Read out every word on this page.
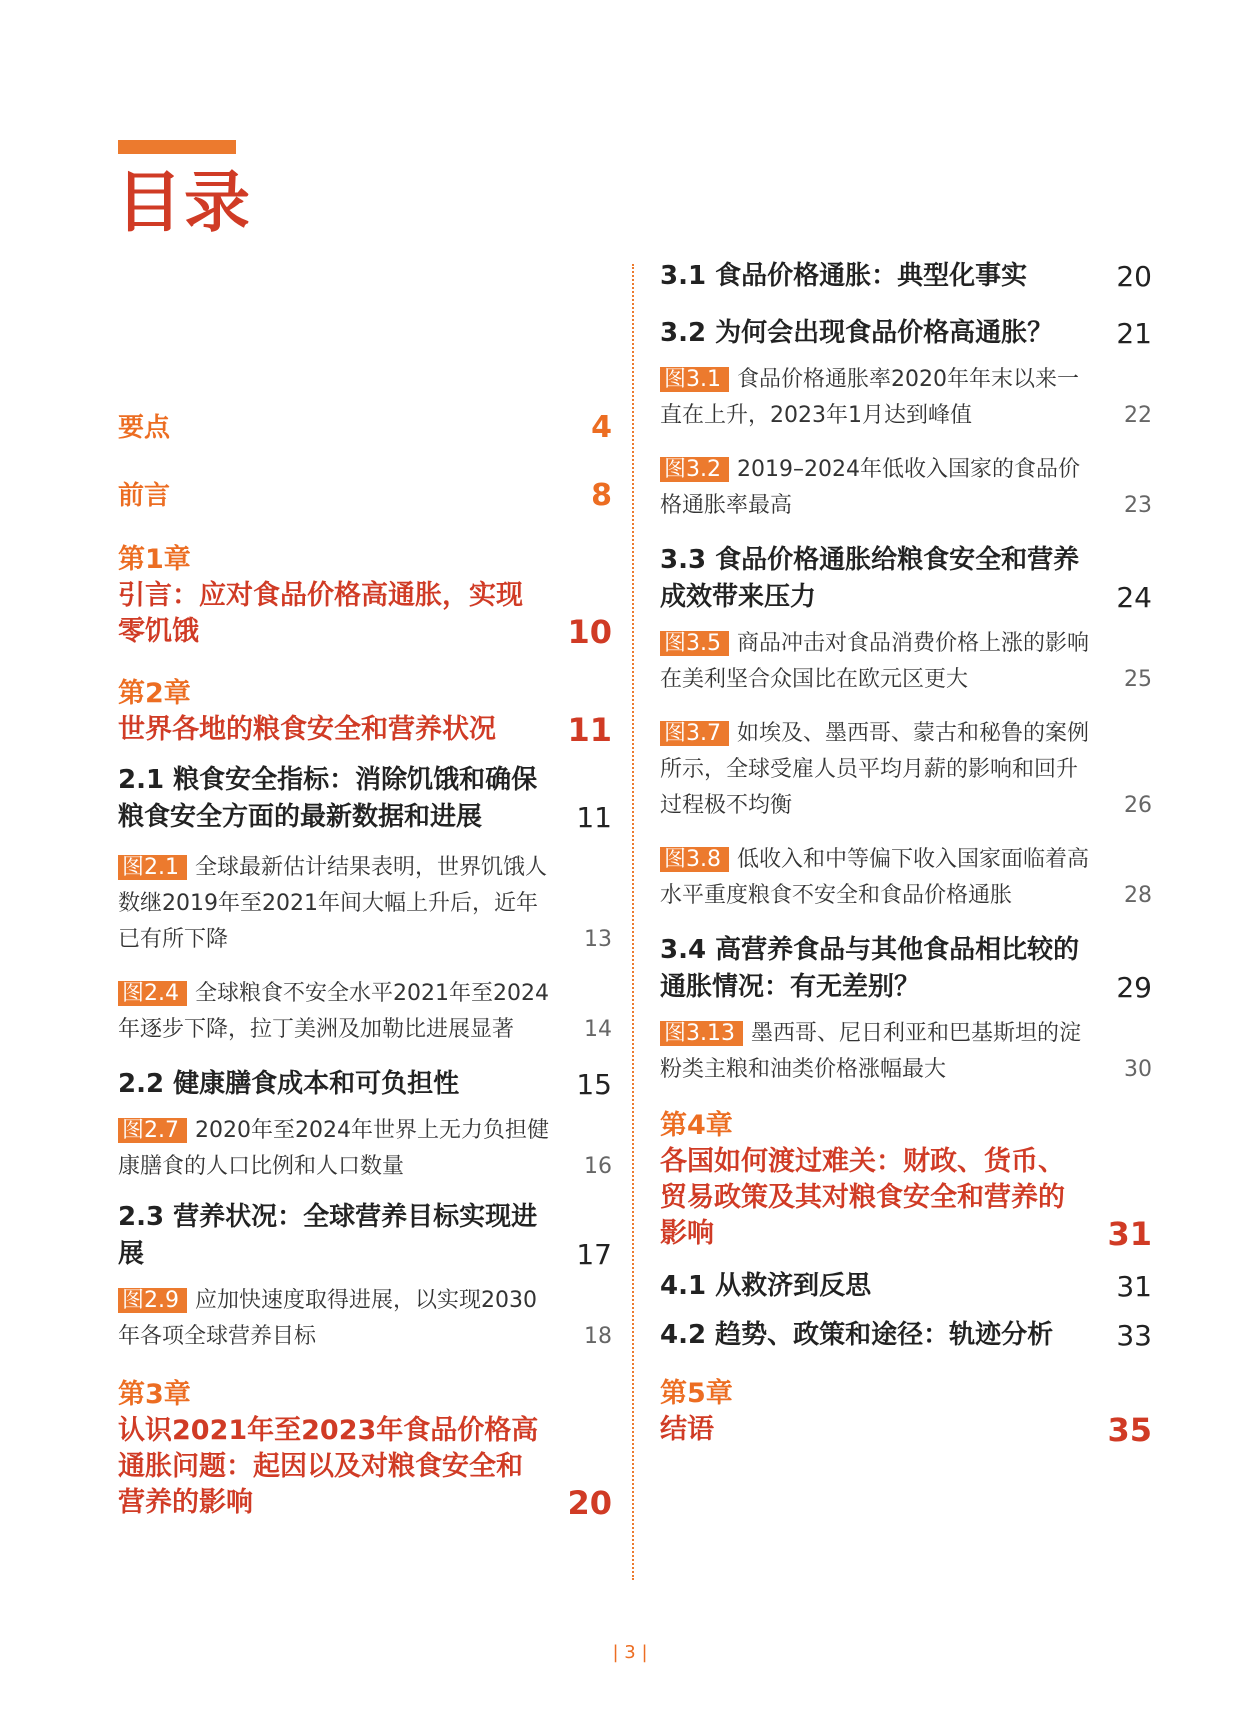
目录
要点	4
前言	8
第1章
引言：应对食品价格高通胀，实现零饥饿	10
第2章
世界各地的粮食安全和营养状况	11
2.1 粮食安全指标：消除饥饿和确保粮食安全方面的最新数据和进展	11
图2.1 全球最新估计结果表明，世界饥饿人数继2019年至2021年间大幅上升后，近年已有所下降	13
图2.4 全球粮食不安全水平2021年至2024年逐步下降，拉丁美洲及加勒比进展显著	14
2.2 健康膳食成本和可负担性	15
图2.7 2020年至2024年世界上无力负担健康膳食的人口比例和人口数量	16
2.3 营养状况：全球营养目标实现进展	17
图2.9 应加快速度取得进展，以实现2030年各项全球营养目标	18
第3章
认识2021年至2023年食品价格高通胀问题：起因以及对粮食安全和营养的影响	20
3.1 食品价格通胀：典型化事实	20
3.2 为何会出现食品价格高通胀？	21
图3.1 食品价格通胀率2020年年末以来一直在上升，2023年1月达到峰值	22
图3.2 2019–2024年低收入国家的食品价格通胀率最高	23
3.3 食品价格通胀给粮食安全和营养成效带来压力	24
图3.5 商品冲击对食品消费价格上涨的影响在美利坚合众国比在欧元区更大	25
图3.7 如埃及、墨西哥、蒙古和秘鲁的案例所示，全球受雇人员平均月薪的影响和回升过程极不均衡	26
图3.8 低收入和中等偏下收入国家面临着高水平重度粮食不安全和食品价格通胀	28
3.4 高营养食品与其他食品相比较的通胀情况：有无差别？	29
图3.13 墨西哥、尼日利亚和巴基斯坦的淀粉类主粮和油类价格涨幅最大	30
第4章
各国如何渡过难关：财政、货币、贸易政策及其对粮食安全和营养的影响	31
4.1 从救济到反思	31
4.2 趋势、政策和途径：轨迹分析	33
第5章
结语	35
| 3 |
